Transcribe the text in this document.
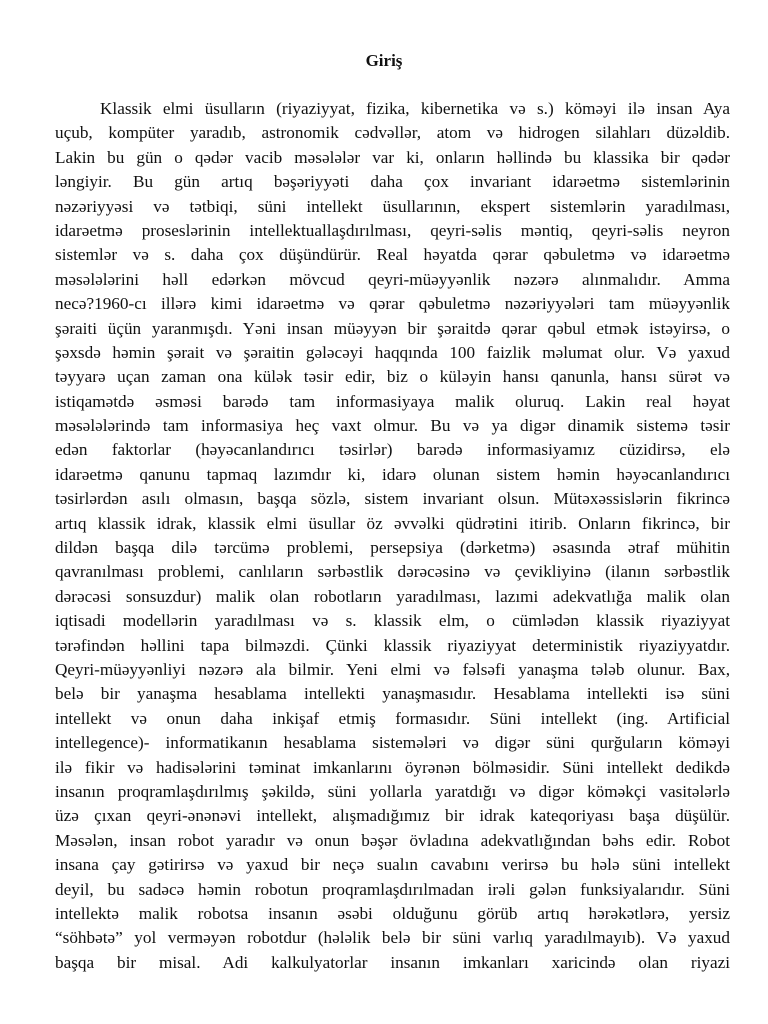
Giriş
Klassik elmi üsulların (riyaziyyat, fizika, kibernetika və s.) köməyi ilə insan Aya
uçub, kompüter yaradıb, astronomik cədvəllər, atom və hidrogen silahları düzəldib.
Lakin bu gün o qədər vacib məsələlər var ki, onların həllində bu klassika bir qədər
ləngiyir. Bu gün artıq bəşəriyyəti daha çox invariant idarəetmə sistemlərinin
nəzəriyyəsi və tətbiqi, süni intellekt üsullarının, ekspert sistemlərin yaradılması,
idarəetmə proseslərinin intellektuallaşdırılması, qeyri-səlis məntiq, qeyri-səlis neyron
sistemlər və s. daha çox düşündürür. Real həyatda qərar qəbuletmə və idarəetmə
məsələlərini həll edərkən mövcud qeyri-müəyyənlik nəzərə alınmalıdır. Amma
necə?1960-cı illərə kimi idarəetmə və qərar qəbuletmə nəzəriyyələri tam müəyyənlik
şəraiti üçün yaranmışdı. Yəni insan müəyyən bir şəraitdə qərar qəbul etmək istəyirsə, o
şəxsdə həmin şərait və şəraitin gələcəyi haqqında 100 faizlik məlumat olur. Və yaxud
təyyarə uçan zaman ona külək təsir edir, biz o küləyin hansı qanunla, hansı sürət və
istiqamətdə əsməsi barədə tam informasiyaya malik oluruq. Lakin real həyat
məsələlərində tam informasiya heç vaxt olmur. Bu və ya digər dinamik sistemə təsir
edən faktorlar (həyəcanlandırıcı təsirlər) barədə informasiyamız cüzidirsə, elə
idarəetmə qanunu tapmaq lazımdır ki, idarə olunan sistem həmin həyəcanlandırıcı
təsirlərdən asılı olmasın, başqa sözlə, sistem invariant olsun. Mütəxəssislərin fikrincə
artıq klassik idrak, klassik elmi üsullar öz əvvəlki qüdrətini itirib. Onların fikrincə, bir
dildən başqa dilə tərcümə problemi, persepsiya (dərketmə) əsasında ətraf mühitin
qavranılması problemi, canlıların sərbəstlik dərəcəsinə və çevikliyinə (ilanın sərbəstlik
dərəcəsi sonsuzdur) malik olan robotların yaradılması, lazımi adekvatlığa malik olan
iqtisadi modellərin yaradılması və s. klassik elm, o cümlədən klassik riyaziyyat
tərəfindən həllini tapa bilməzdi. Çünki klassik riyaziyyat deterministik riyaziyyatdır.
Qeyri-müəyyənliyi nəzərə ala bilmir. Yeni elmi və fəlsəfi yanaşma tələb olunur. Bax,
belə bir yanaşma hesablama intellekti yanaşmasıdır. Hesablama intellekti isə süni
intellekt və onun daha inkişaf etmiş formasıdır. Süni intellekt (ing. Artificial
intellegence)- informatikanın hesablama sistemələri və digər süni qurğuların köməyi
ilə fikir və hadisələrini təminat imkanlarını öyrənən bölməsidir. Süni intellekt dedikdə
insanın proqramlaşdırılmış şəkildə, süni yollarla yaratdığı və digər köməkçi vasitələrlə
üzə çıxan qeyri-ənənəvi intellekt, alışmadığımız bir idrak kateqoriyası başa düşülür.
Məsələn, insan robot yaradır və onun bəşər övladına adekvatlığından bəhs edir. Robot
insana çay gətirirsə və yaxud bir neçə sualın cavabını verirsə bu hələ süni intellekt
deyil, bu sadəcə həmin robotun proqramlaşdırılmadan irəli gələn funksiyalarıdır. Süni
intellektə malik robotsa insanın əsəbi olduğunu görüb artıq hərəkətlərə, yersiz
“söhbətə” yol verməyən robotdur (hələlik belə bir süni varlıq yaradılmayıb). Və yaxud
başqa bir misal. Adi kalkulyatorlar insanın imkanları xaricində olan riyazi
